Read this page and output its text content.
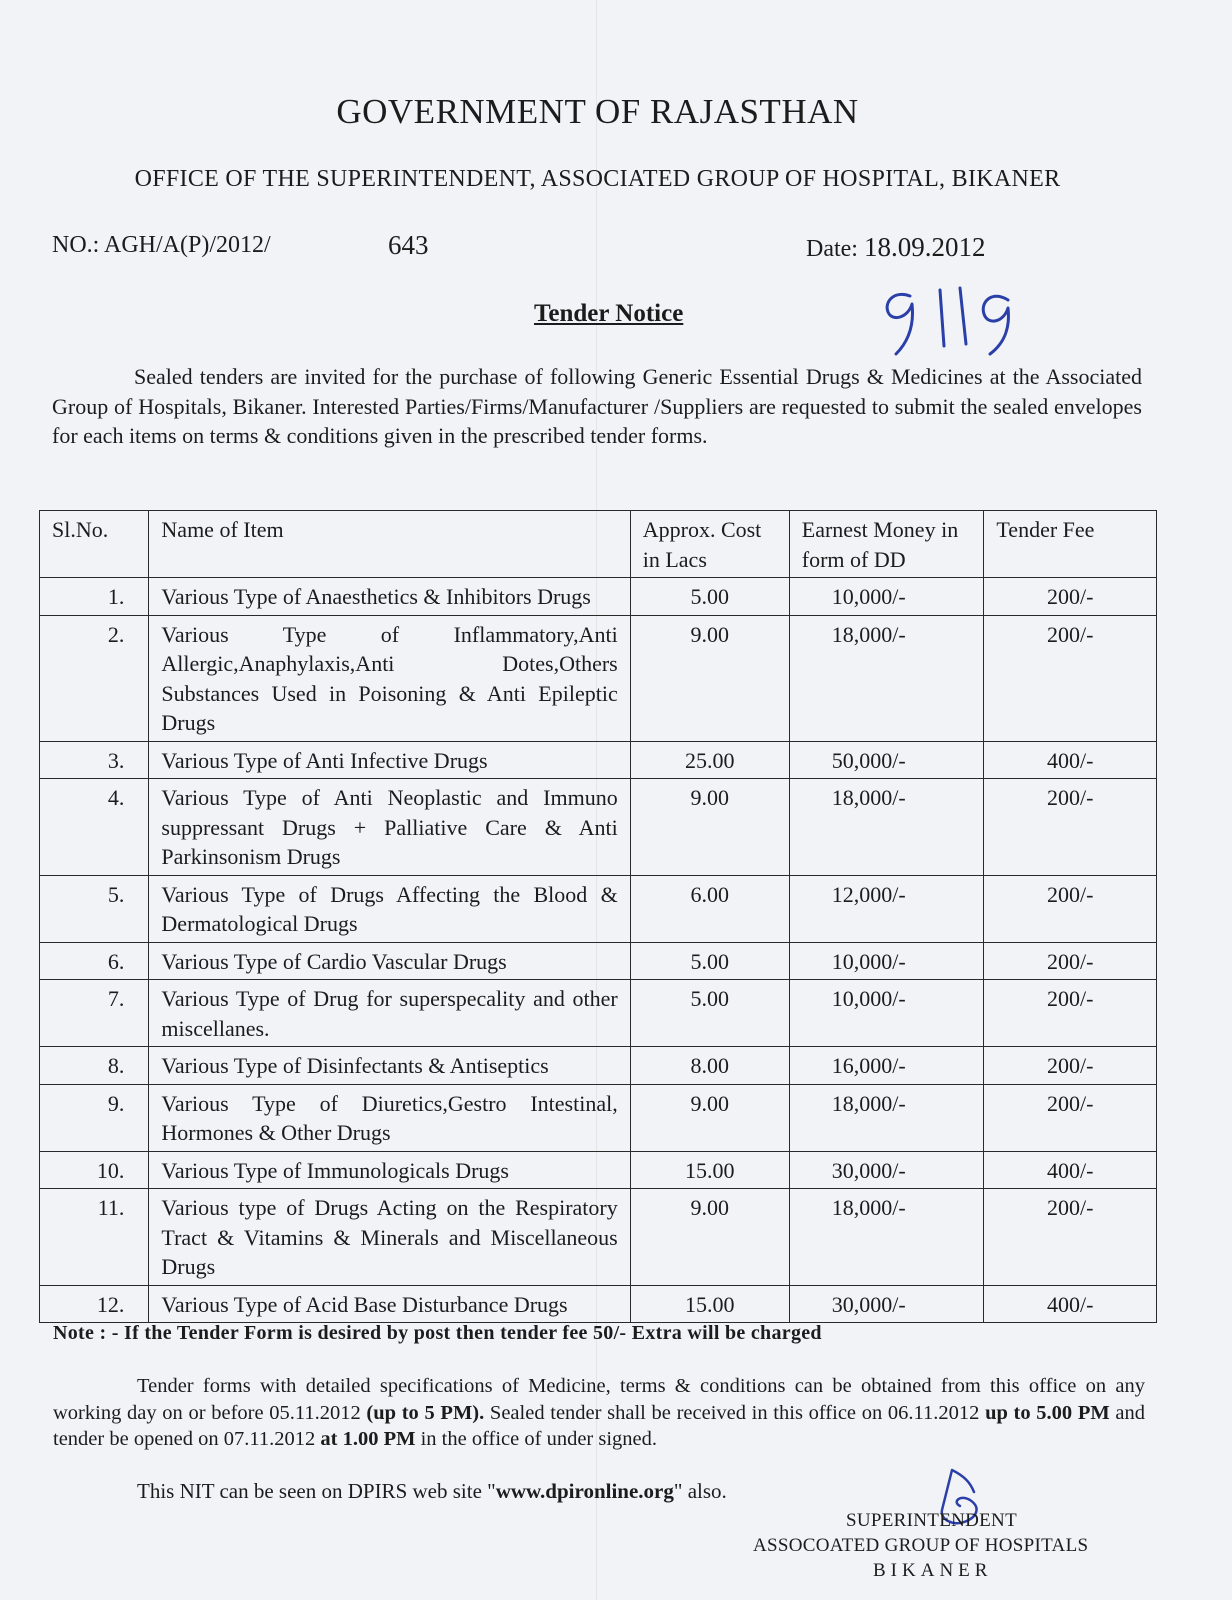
GOVERNMENT OF RAJASTHAN
OFFICE OF THE SUPERINTENDENT, ASSOCIATED GROUP OF HOSPITAL, BIKANER
NO.: AGH/A(P)/2012/	643	Date: 18.09.2012
Tender Notice
Sealed tenders are invited for the purchase of following Generic Essential Drugs & Medicines at the Associated Group of Hospitals, Bikaner. Interested Parties/Firms/Manufacturer /Suppliers are requested to submit the sealed envelopes for each items on terms & conditions given in the prescribed tender forms.
Sl.No.	Name of Item	Approx. Cost in Lacs	Earnest Money in form of DD	Tender Fee
1.	Various Type of Anaesthetics & Inhibitors Drugs	5.00	10,000/-	200/-
2.	Various Type of Inflammatory,Anti Allergic,Anaphylaxis,Anti Dotes,Others Substances Used in Poisoning & Anti Epileptic Drugs	9.00	18,000/-	200/-
3.	Various Type of Anti Infective Drugs	25.00	50,000/-	400/-
4.	Various Type of Anti Neoplastic and Immuno suppressant Drugs + Palliative Care & Anti Parkinsonism Drugs	9.00	18,000/-	200/-
5.	Various Type of Drugs Affecting the Blood & Dermatological Drugs	6.00	12,000/-	200/-
6.	Various Type of Cardio Vascular Drugs	5.00	10,000/-	200/-
7.	Various Type of Drug for superspecality and other miscellanes.	5.00	10,000/-	200/-
8.	Various Type of Disinfectants & Antiseptics	8.00	16,000/-	200/-
9.	Various Type of Diuretics,Gestro Intestinal, Hormones & Other Drugs	9.00	18,000/-	200/-
10.	Various Type of Immunologicals Drugs	15.00	30,000/-	400/-
11.	Various type of Drugs Acting on the Respiratory Tract & Vitamins & Minerals and Miscellaneous Drugs	9.00	18,000/-	200/-
12.	Various Type of Acid Base Disturbance Drugs	15.00	30,000/-	400/-
Note : - If the Tender Form is desired by post then tender fee 50/- Extra will be charged
Tender forms with detailed specifications of Medicine, terms & conditions can be obtained from this office on any working day on or before 05.11.2012 (up to 5 PM). Sealed tender shall be received in this office on 06.11.2012 up to 5.00 PM and tender be opened on 07.11.2012 at 1.00 PM in the office of under signed.
This NIT can be seen on DPIRS web site "www.dpironline.org" also.
SUPERINTENDENT
ASSOCOATED GROUP OF HOSPITALS
BIKANER
